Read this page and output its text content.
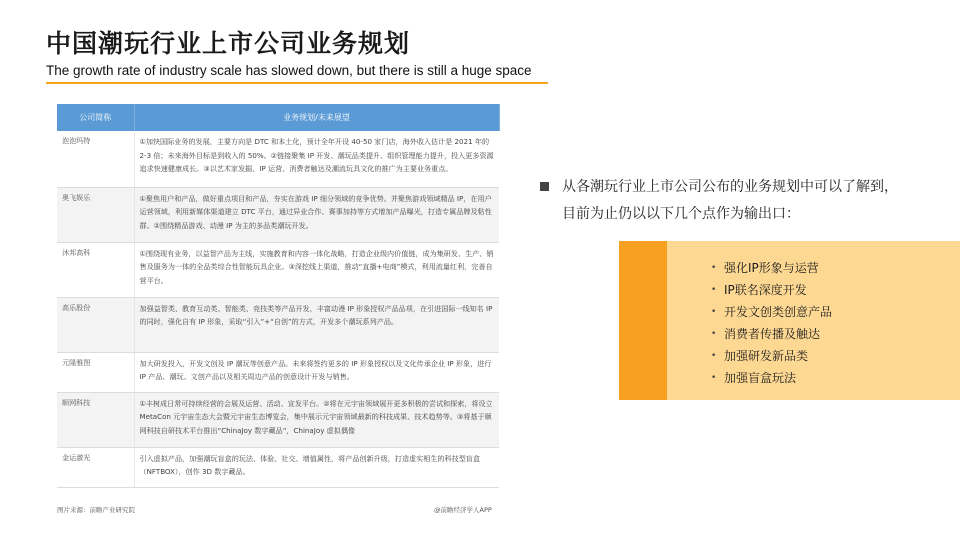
中国潮玩行业上市公司业务规划
The growth rate of industry scale has slowed down, but there is still a huge space
公司简称	业务规划/未来展望
泡泡玛特	①加快国际业务的发展，主要方向是 DTC 和本土化，预计全年开设 40-50 家门店，海外收入估计是 2021 年的 2-3 倍；未来海外目标是到收入的 50%。②链接聚集 IP 开发、潮玩品类提升、组织管理能力提升，投入更多资源追求快速健康成长。③以艺术家发掘、IP 运营、消费者触达及潮流玩具文化的推广为主要业务重点。
奥飞娱乐	①聚焦用户和产品，做好重点项目和产品，夯实在游戏 IP 细分领域的竞争优势。并聚焦游戏领域精品 IP，在用户运营领域，利用新媒体渠道建立 DTC 平台，通过异业合作、赛事加持等方式增加产品曝光，打造专属品牌及粘性群。②围绕精品游戏、动漫 IP 为主的多品类潮玩开发。
沐邦高科	①围绕现有业务，以益智产品为主线，实施教育和内容一体化战略，打造企业级内价值链，成为集研发、生产、销售及服务为一体的全品类综合性智能玩具企业。③深挖线上渠道，推动“直播+电商”模式，利用流量红利，完善自营平台。
高乐股份	加强益智类、教育互动类、智能类、竞技类等产品开发，丰富动漫 IP 形象授权产品品项，在引进国际一线知名 IP 的同时，强化自有 IP 形象，采取“引入”+“自创”的方式，开发多个潮玩系列产品。
元隆雅图	加大研发投入，开发文创及 IP 潮玩等创意产品。未来将签约更多的 IP 形象授权以及文化传承企业 IP 形象，进行 IP 产品、潮玩、文创产品以及相关周边产品的创意设计开发与销售。
顺网科技	①丰树成日常可持续经营的会展及运营、活动、宣发平台。②将在元宇宙领域展开更多积极的尝试和探索，将设立 MetaCon 元宇宙生态大会暨元宇宙生态博览会，集中展示元宇宙领域最新的科技成果、技术趋势等。③将基于顺网科技自研技术平台推出“ChinaJoy 数字藏品”，ChinaJoy 虚拟偶像
金运激光	引入虚拟产品，加强潮玩盲盒的玩法、体验、社交、增值属性，将产品创新升级，打造虚实相生的科技型盲盒（NFTBOX），创作 3D 数字藏品。
图片来源：前瞻产业研究院	@前瞻经济学人APP
从各潮玩行业上市公司公布的业务规划中可以了解到，
目前为止仍以以下几个点作为输出口：
• 强化IP形象与运营
• IP联名深度开发
• 开发文创类创意产品
• 消费者传播及触达
• 加强研发新品类
• 加强盲盒玩法
